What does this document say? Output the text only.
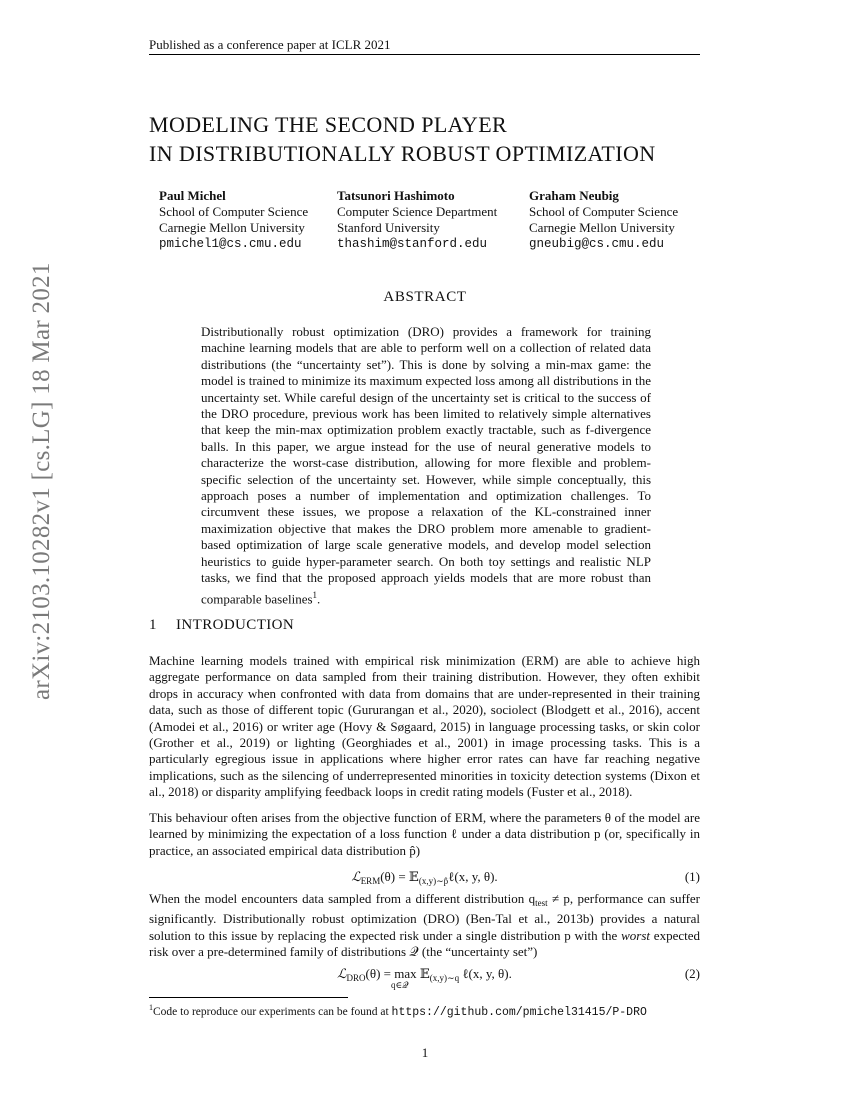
Published as a conference paper at ICLR 2021
arXiv:2103.10282v1 [cs.LG] 18 Mar 2021
MODELING THE SECOND PLAYER
IN DISTRIBUTIONALLY ROBUST OPTIMIZATION
Paul Michel
School of Computer Science
Carnegie Mellon University
pmichel1@cs.cmu.edu
Tatsunori Hashimoto
Computer Science Department
Stanford University
thashim@stanford.edu
Graham Neubig
School of Computer Science
Carnegie Mellon University
gneubig@cs.cmu.edu
ABSTRACT
Distributionally robust optimization (DRO) provides a framework for training machine learning models that are able to perform well on a collection of related data distributions (the “uncertainty set”). This is done by solving a min-max game: the model is trained to minimize its maximum expected loss among all distributions in the uncertainty set. While careful design of the uncertainty set is critical to the success of the DRO procedure, previous work has been limited to relatively simple alternatives that keep the min-max optimization problem exactly tractable, such as f-divergence balls. In this paper, we argue instead for the use of neural generative models to characterize the worst-case distribution, allowing for more flexible and problem-specific selection of the uncertainty set. However, while simple conceptually, this approach poses a number of implementation and optimization challenges. To circumvent these issues, we propose a relaxation of the KL-constrained inner maximization objective that makes the DRO problem more amenable to gradient-based optimization of large scale generative models, and develop model selection heuristics to guide hyper-parameter search. On both toy settings and realistic NLP tasks, we find that the proposed approach yields models that are more robust than comparable baselines$^1$.
1 INTRODUCTION
Machine learning models trained with empirical risk minimization (ERM) are able to achieve high aggregate performance on data sampled from their training distribution. However, they often exhibit drops in accuracy when confronted with data from domains that are under-represented in their training data, such as those of different topic (Gururangan et al., 2020), sociolect (Blodgett et al., 2016), accent (Amodei et al., 2016) or writer age (Hovy & Søgaard, 2015) in language processing tasks, or skin color (Grother et al., 2019) or lighting (Georghiades et al., 2001) in image processing tasks. This is a particularly egregious issue in applications where higher error rates can have far reaching negative implications, such as the silencing of underrepresented minorities in toxicity detection systems (Dixon et al., 2018) or disparity amplifying feedback loops in credit rating models (Fuster et al., 2018).
This behaviour often arises from the objective function of ERM, where the parameters θ of the model are learned by minimizing the expectation of a loss function ℓ under a data distribution p (or, specifically in practice, an associated empirical data distribution p̂)
ℒ$_{ERM}$(θ) = 𝔼$_{(x,y)\sim p̂}$ℓ(x, y, θ).	(1)
When the model encounters data sampled from a different distribution $q_{test} \ne p$, performance can suffer significantly. Distributionally robust optimization (DRO) (Ben-Tal et al., 2013b) provides a natural solution to this issue by replacing the expected risk under a single distribution p with the worst expected risk over a pre-determined family of distributions 𝒬 (the “uncertainty set”)
ℒ$_{DRO}$(θ) = max 𝔼$_{(x,y)\sim q}$ ℓ(x, y, θ).
q∈𝒬
(2)
$^1$Code to reproduce our experiments can be found at https://github.com/pmichel31415/P-DRO
1
